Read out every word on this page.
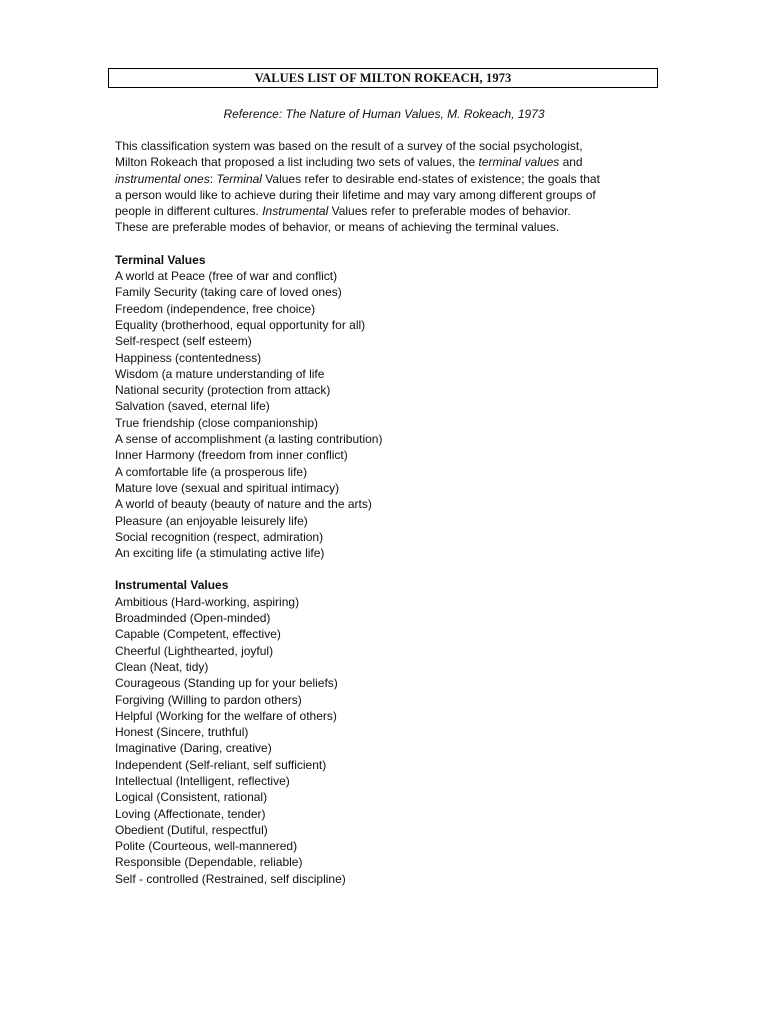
VALUES LIST OF MILTON ROKEACH, 1973
Reference: The Nature of Human Values, M. Rokeach, 1973

This classification system was based on the result of a survey of the social psychologist,

Milton Rokeach that proposed a list including two sets of values, the terminal values and

instrumental ones: Terminal Values refer to desirable end-states of existence; the goals that

a person would like to achieve during their lifetime and may vary among different groups of

people in different cultures. Instrumental Values refer to preferable modes of behavior.

These are preferable modes of behavior, or means of achieving the terminal values.

Terminal Values

A world at Peace (free of war and conflict)

Family Security (taking care of loved ones)

Freedom (independence, free choice)

Equality (brotherhood, equal opportunity for all)

Self-respect (self esteem)

Happiness (contentedness)

Wisdom (a mature understanding of life

National security (protection from attack)

Salvation (saved, eternal life)

True friendship (close companionship)

A sense of accomplishment (a lasting contribution)

Inner Harmony (freedom from inner conflict)

A comfortable life (a prosperous life)

Mature love (sexual and spiritual intimacy)

A world of beauty (beauty of nature and the arts)

Pleasure (an enjoyable leisurely life)

Social recognition (respect, admiration)

An exciting life (a stimulating active life)

Instrumental Values

Ambitious (Hard-working, aspiring)

Broadminded (Open-minded)

Capable (Competent, effective)

Cheerful (Lighthearted, joyful)

Clean (Neat, tidy)

Courageous (Standing up for your beliefs)

Forgiving (Willing to pardon others)

Helpful (Working for the welfare of others)

Honest (Sincere, truthful)

Imaginative (Daring, creative)

Independent (Self-reliant, self sufficient)

Intellectual (Intelligent, reflective)

Logical (Consistent, rational)

Loving (Affectionate, tender)

Obedient (Dutiful, respectful)

Polite (Courteous, well-mannered)

Responsible (Dependable, reliable)

Self - controlled (Restrained, self discipline)
